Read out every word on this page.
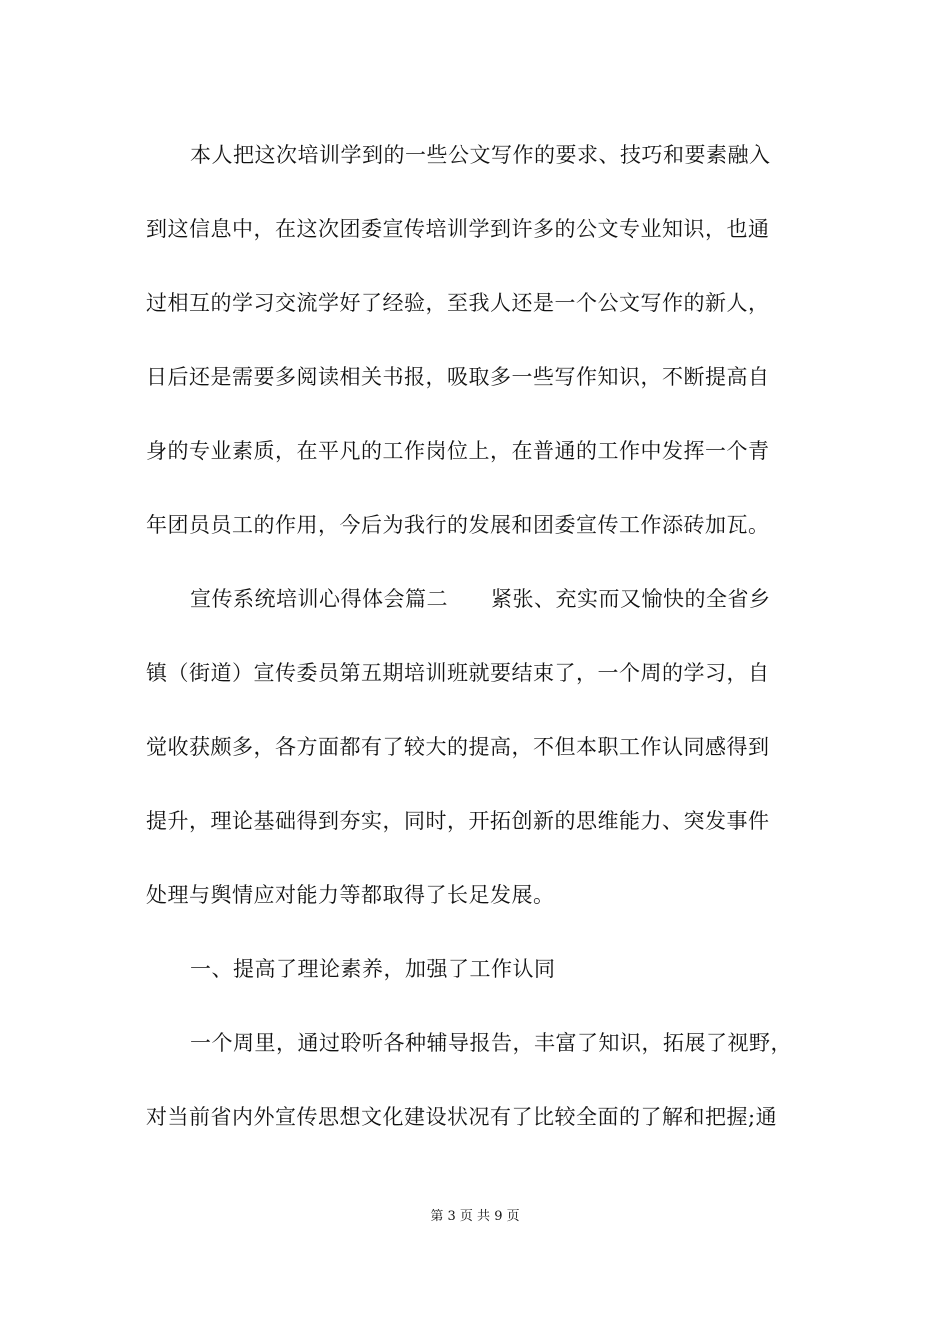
本人把这次培训学到的一些公文写作的要求、技巧和要素融入
到这信息中，在这次团委宣传培训学到许多的公文专业知识，也通
过相互的学习交流学好了经验，至我人还是一个公文写作的新人，
日后还是需要多阅读相关书报，吸取多一些写作知识，不断提高自
身的专业素质，在平凡的工作岗位上，在普通的工作中发挥一个青
年团员员工的作用，今后为我行的发展和团委宣传工作添砖加瓦。
宣传系统培训心得体会篇二　　紧张、充实而又愉快的全省乡
镇（街道）宣传委员第五期培训班就要结束了，一个周的学习，自
觉收获颇多，各方面都有了较大的提高，不但本职工作认同感得到
提升，理论基础得到夯实，同时，开拓创新的思维能力、突发事件
处理与舆情应对能力等都取得了长足发展。
一、提高了理论素养，加强了工作认同
一个周里，通过聆听各种辅导报告，丰富了知识，拓展了视野，
对当前省内外宣传思想文化建设状况有了比较全面的了解和把握;通
第 3 页 共 9 页
